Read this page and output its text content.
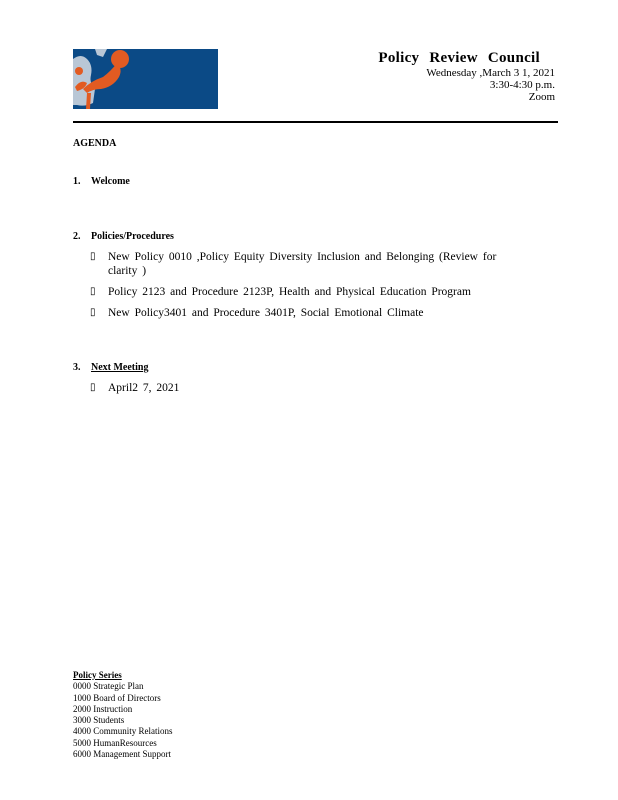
Policy Review Council
Wednesday ,March 3 1, 2021
3:30-4:30 p.m.
Zoom
AGENDA
1. Welcome
2. Policies/Procedures
▯	New Policy 0010 ,Policy Equity Diversity Inclusion and Belonging (Review for clarity )
▯	Policy 2123 and Procedure 2123P, Health and Physical Education Program
▯	New Policy3401 and Procedure 3401P, Social Emotional Climate
3. Next Meeting
▯	April2 7, 2021
Policy Series
0000 Strategic Plan
1000 Board of Directors
2000 Instruction
3000 Students
4000 Community Relations
5000 HumanResources
6000 Management Support
